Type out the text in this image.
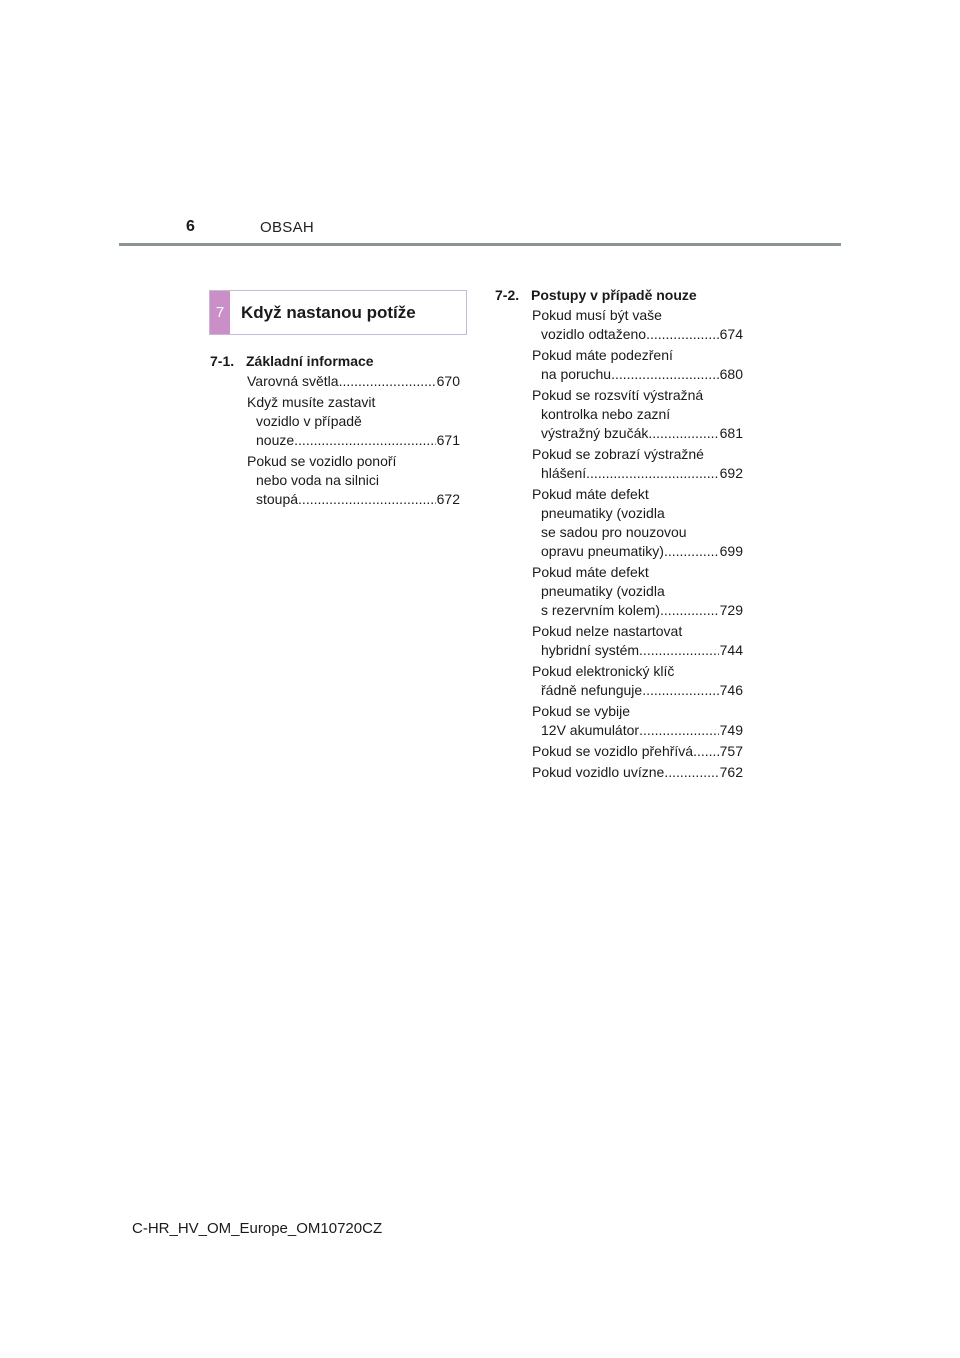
6	OBSAH
7 Když nastanou potíže
7-1. Základní informace
Varovná světla .....	670
Když musíte zastavit
vozidlo v případě
nouze .....	671
Pokud se vozidlo ponoří
nebo voda na silnici
stoupá .....	672
7-2. Postupy v případě nouze
Pokud musí být vaše
vozidlo odtaženo .....	674
Pokud máte podezření
na poruchu .....	680
Pokud se rozsvítí výstražná
kontrolka nebo zazní
výstražný bzučák .....	681
Pokud se zobrazí výstražné
hlášení .....	692
Pokud máte defekt
pneumatiky (vozidla
se sadou pro nouzovou
opravu pneumatiky) .....	699
Pokud máte defekt
pneumatiky (vozidla
s rezervním kolem) .....	729
Pokud nelze nastartovat
hybridní systém .....	744
Pokud elektronický klíč
řádně nefunguje .....	746
Pokud se vybije
12V akumulátor .....	749
Pokud se vozidlo přehřívá ..... 757
Pokud vozidlo uvízne .....	762
C-HR_HV_OM_Europe_OM10720CZ
